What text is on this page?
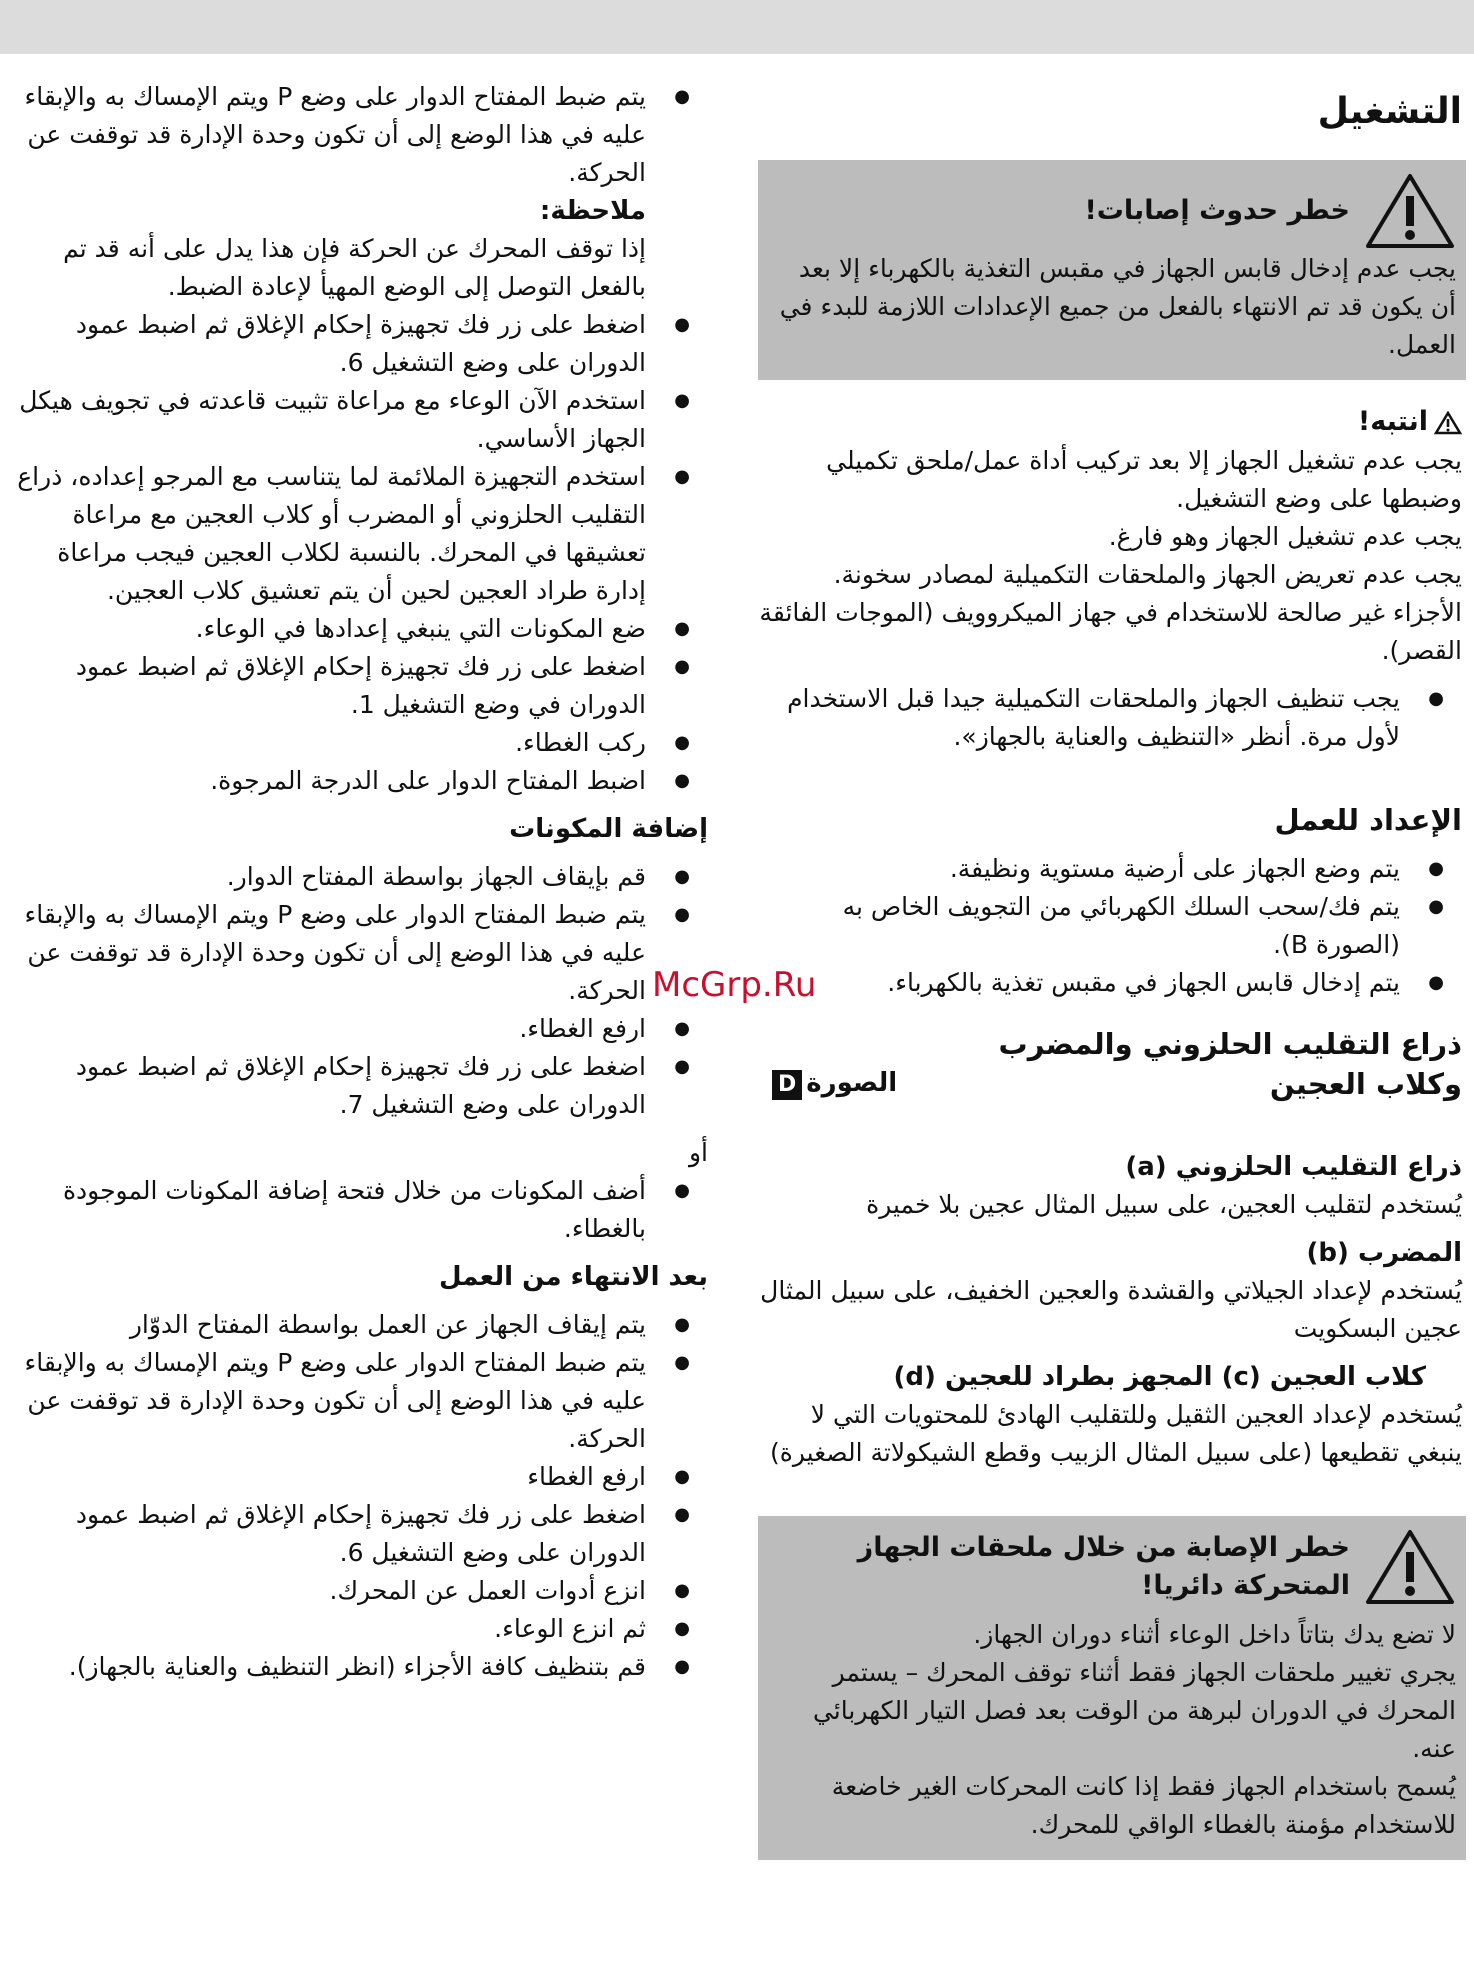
التشغيل
خطر حدوث إصابات!

يجب عدم إدخال قابس الجهاز في مقبس التغذية بالكهرباء إلا بعد أن يكون قد تم الانتهاء بالفعل من جميع الإعدادات اللازمة للبدء في العمل.

انتبه!

يجب عدم تشغيل الجهاز إلا بعد تركيب أداة عمل/ملحق تكميلي وضبطها على وضع التشغيل.

يجب عدم تشغيل الجهاز وهو فارغ.

يجب عدم تعريض الجهاز والملحقات التكميلية لمصادر سخونة. الأجزاء غير صالحة للاستخدام في جهاز الميكروويف (الموجات الفائقة القصر).

● يجب تنظيف الجهاز والملحقات التكميلية جيدا قبل الاستخدام لأول مرة. أنظر «التنظيف والعناية بالجهاز».

الإعداد للعمل

● يتم وضع الجهاز على أرضية مستوية ونظيفة.

● يتم فك/سحب السلك الكهربائي من التجويف الخاص به (الصورة B).

● يتم إدخال قابس الجهاز في مقبس تغذية بالكهرباء.

ذراع التقليب الحلزوني والمضرب

وكلاب العجين

الصورةD

ذراع التقليب الحلزوني (a)

يُستخدم لتقليب العجين، على سبيل المثال عجين بلا خميرة

المضرب (b)

يُستخدم لإعداد الجيلاتي والقشدة والعجين الخفيف، على سبيل المثال عجين البسكويت

كلاب العجين (c) المجهز بطراد للعجين (d)

يُستخدم لإعداد العجين الثقيل وللتقليب الهادئ للمحتويات التي لا ينبغي تقطيعها (على سبيل المثال الزبيب وقطع الشيكولاتة الصغيرة)

خطر الإصابة من خلال ملحقات الجهاز المتحركة دائريا!

لا تضع يدك بتاتاً داخل الوعاء أثناء دوران الجهاز.

يجري تغيير ملحقات الجهاز فقط أثناء توقف المحرك – يستمر المحرك في الدوران لبرهة من الوقت بعد فصل التيار الكهربائي عنه.

يُسمح باستخدام الجهاز فقط إذا كانت المحركات الغير خاضعة للاستخدام مؤمنة بالغطاء الواقي للمحرك.

● يتم ضبط المفتاح الدوار على وضع P ويتم الإمساك به والإبقاء عليه في هذا الوضع إلى أن تكون وحدة الإدارة قد توقفت عن الحركة.

ملاحظة:

إذا توقف المحرك عن الحركة فإن هذا يدل على أنه قد تم بالفعل التوصل إلى الوضع المهيأ لإعادة الضبط.

● اضغط على زر فك تجهيزة إحكام الإغلاق ثم اضبط عمود الدوران على وضع التشغيل 6.

● استخدم الآن الوعاء مع مراعاة تثبيت قاعدته في تجويف هيكل الجهاز الأساسي.

● استخدم التجهيزة الملائمة لما يتناسب مع المرجو إعداده، ذراع التقليب الحلزوني أو المضرب أو كلاب العجين مع مراعاة تعشيقها في المحرك. بالنسبة لكلاب العجين فيجب مراعاة إدارة طراد العجين لحين أن يتم تعشيق كلاب العجين.

● ضع المكونات التي ينبغي إعدادها في الوعاء.

● اضغط على زر فك تجهيزة إحكام الإغلاق ثم اضبط عمود الدوران في وضع التشغيل 1.

● ركب الغطاء.

● اضبط المفتاح الدوار على الدرجة المرجوة.

إضافة المكونات

● قم بإيقاف الجهاز بواسطة المفتاح الدوار.

● يتم ضبط المفتاح الدوار على وضع P ويتم الإمساك به والإبقاء عليه في هذا الوضع إلى أن تكون وحدة الإدارة قد توقفت عن الحركة.

● ارفع الغطاء.

● اضغط على زر فك تجهيزة إحكام الإغلاق ثم اضبط عمود الدوران على وضع التشغيل 7.

أو

● أضف المكونات من خلال فتحة إضافة المكونات الموجودة بالغطاء.

بعد الانتهاء من العمل

● يتم إيقاف الجهاز عن العمل بواسطة المفتاح الدوّار

● يتم ضبط المفتاح الدوار على وضع P ويتم الإمساك به والإبقاء عليه في هذا الوضع إلى أن تكون وحدة الإدارة قد توقفت عن الحركة.

● ارفع الغطاء

● اضغط على زر فك تجهيزة إحكام الإغلاق ثم اضبط عمود الدوران على وضع التشغيل 6.

● انزع أدوات العمل عن المحرك.

● ثم انزع الوعاء.

● قم بتنظيف كافة الأجزاء (انظر التنظيف والعناية بالجهاز).

McGrp.Ru
